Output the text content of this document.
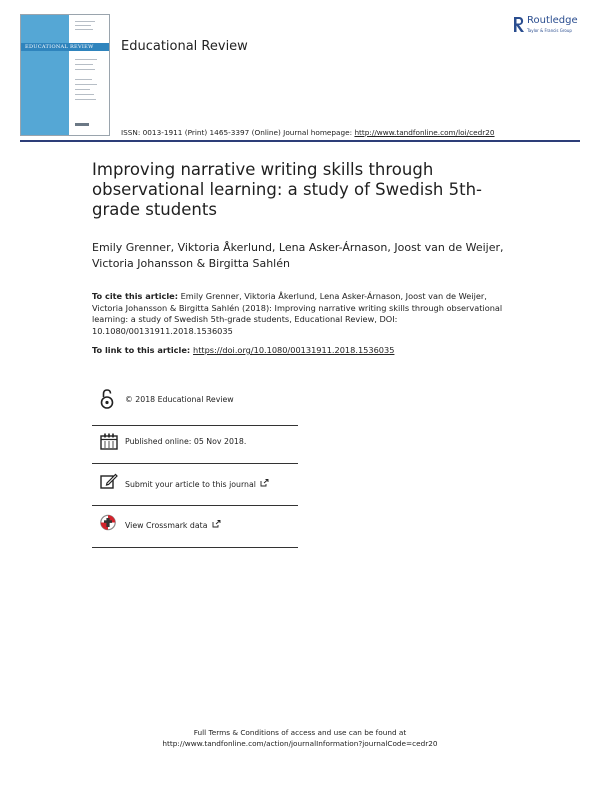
EDUCATIONAL REVIEW Educational Review
Routledge
Taylor & Francis Group
ISSN: 0013-1911 (Print) 1465-3397 (Online) Journal homepage: http://www.tandfonline.com/loi/cedr20
Improving narrative writing skills through observational learning: a study of Swedish 5th-grade students
Emily Grenner, Viktoria Åkerlund, Lena Asker-Árnason, Joost van de Weijer, Victoria Johansson & Birgitta Sahlén
To cite this article: Emily Grenner, Viktoria Åkerlund, Lena Asker-Árnason, Joost van de Weijer, Victoria Johansson & Birgitta Sahlén (2018): Improving narrative writing skills through observational learning: a study of Swedish 5th-grade students, Educational Review, DOI: 10.1080/00131911.2018.1536035
To link to this article: https://doi.org/10.1080/00131911.2018.1536035
© 2018 Educational Review
Published online: 05 Nov 2018.
Submit your article to this journal
View Crossmark data
Full Terms & Conditions of access and use can be found at
http://www.tandfonline.com/action/journalInformation?journalCode=cedr20
